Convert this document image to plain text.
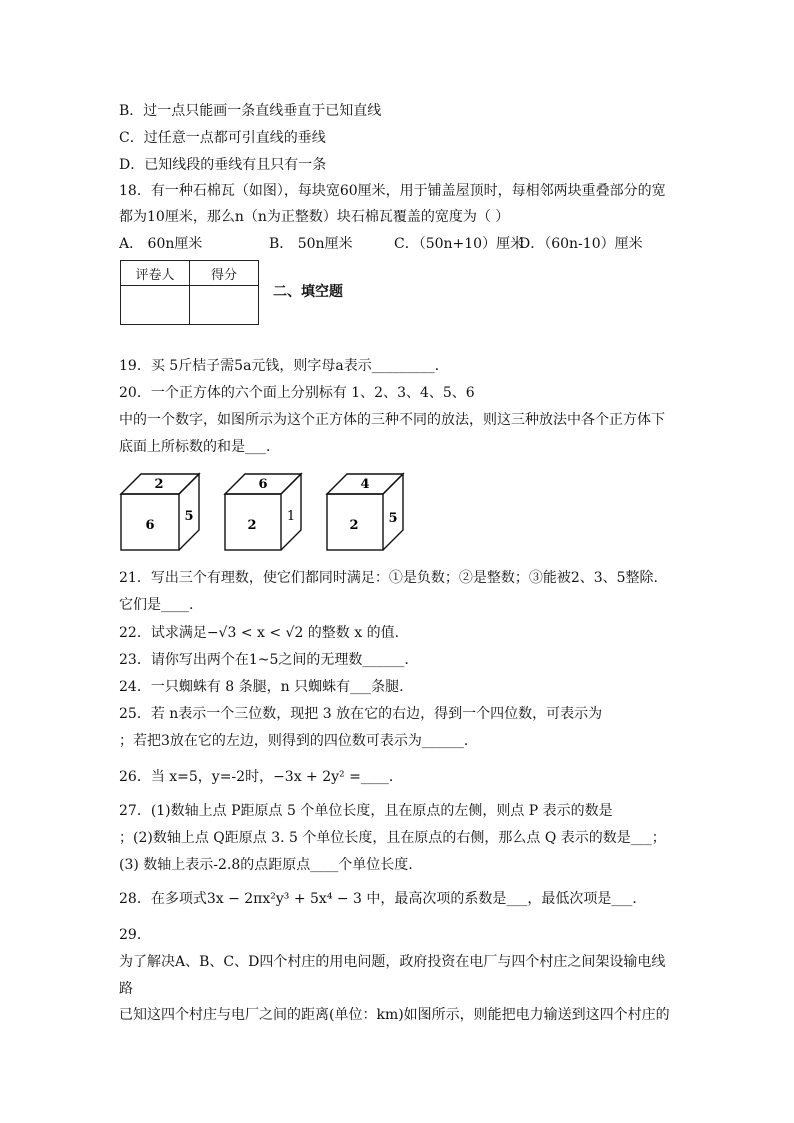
B．过一点只能画一条直线垂直于已知直线
C．过任意一点都可引直线的垂线
D．已知线段的垂线有且只有一条
18．有一种石棉瓦（如图），每块宽60厘米，用于铺盖屋顶时，每相邻两块重叠部分的宽
都为10厘米，那么n（n为正整数）块石棉瓦覆盖的宽度为（ ）
A． 60n厘米	B． 50n厘米	C．（50n+10）厘米
D．（60n-10）厘米
评卷人	得分

二、填空题
19．买 5斤桔子需5a元钱，则字母a表示_________．
20．一个正方体的六个面上分别标有 1、2、3、4、5、6
中的一个数字，如图所示为这个正方体的三种不同的放法，则这三种放法中各个正方体下
底面上所标数的和是___．
2
6
5
6
2
1
4
2 5
21．写出三个有理数，使它们都同时满足：①是负数；②是整数；③能被2、3、5整除.
它们是____.
22．试求满足−√3 < x < √2 的整数 x 的值.
23．请你写出两个在1~5之间的无理数______.
24．一只蜘蛛有 8 条腿，n 只蜘蛛有___条腿.
25．若 n表示一个三位数，现把 3 放在它的右边，得到一个四位数，可表示为
；若把3放在它的左边，则得到的四位数可表示为______．
26．当 x=5，y=-2时，−3x + 2y² =____．
27．(1)数轴上点 P距原点 5 个单位长度，且在原点的左侧，则点 P 表示的数是
；(2)数轴上点 Q距原点 3. 5 个单位长度，且在原点的右侧，那么点 Q 表示的数是___；
(3) 数轴上表示-2.8的点距原点____个单位长度.
28．在多项式3x − 2πx²y³ + 5x⁴ − 3 中，最高次项的系数是___，最低次项是___．
29．
为了解决A、B、C、D四个村庄的用电问题，政府投资在电厂与四个村庄之间架设输电线
路
已知这四个村庄与电厂之间的距离(单位：km)如图所示，则能把电力输送到这四个村庄的
